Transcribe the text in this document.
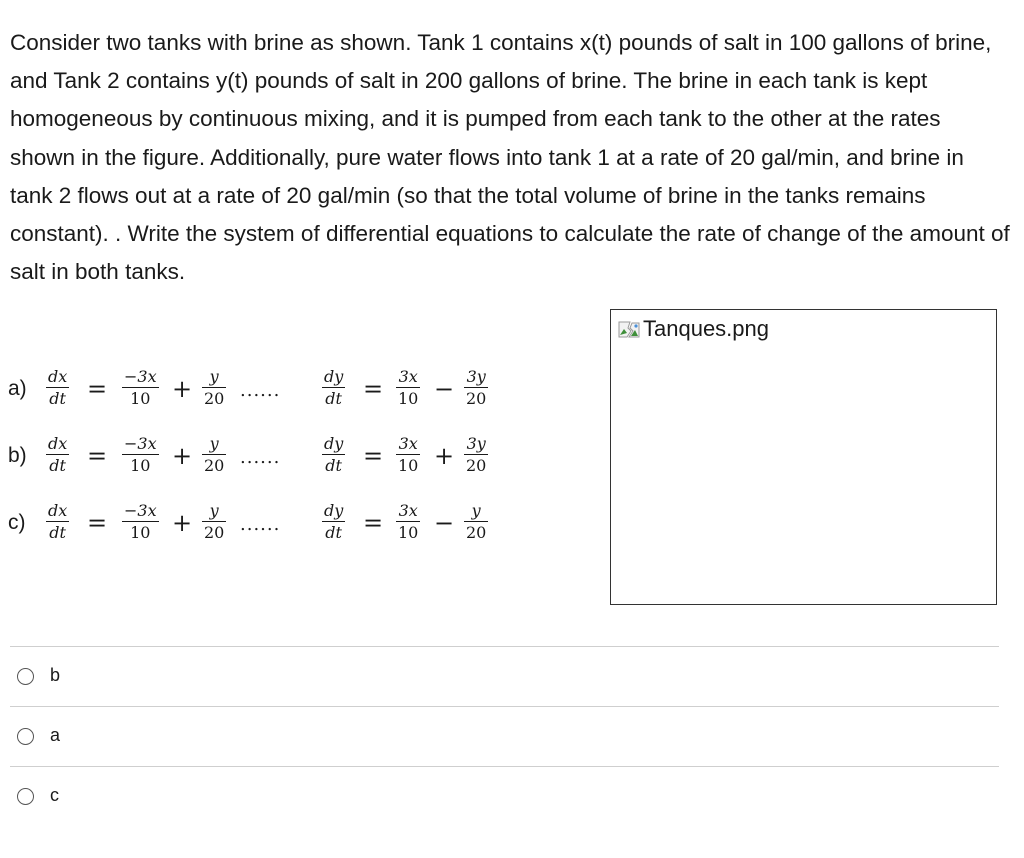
Consider two tanks with brine as shown. Tank 1 contains x(t) pounds of salt in 100 gallons of brine, and Tank 2 contains y(t) pounds of salt in 200 gallons of brine. The brine in each tank is kept homogeneous by continuous mixing, and it is pumped from each tank to the other at the rates shown in the figure. Additionally, pure water flows into tank 1 at a rate of 20 gal/min, and brine in tank 2 flows out at a rate of 20 gal/min (so that the total volume of brine in the tanks remains constant). . Write the system of differential equations to calculate the rate of change of the amount of salt in both tanks.

a)
dx
dt = −3x
10 + y
20 ......
dy
dt = 3x
10 − 3y
20
b)
dx
dt = −3x
10 + y
20 ......
dy
dt = 3x
10 + 3y
20
c)
dx
dt = −3x
10 + y
20 ......
dy
dt = 3x
10 − y
20
Tanques.png
b
a
c
